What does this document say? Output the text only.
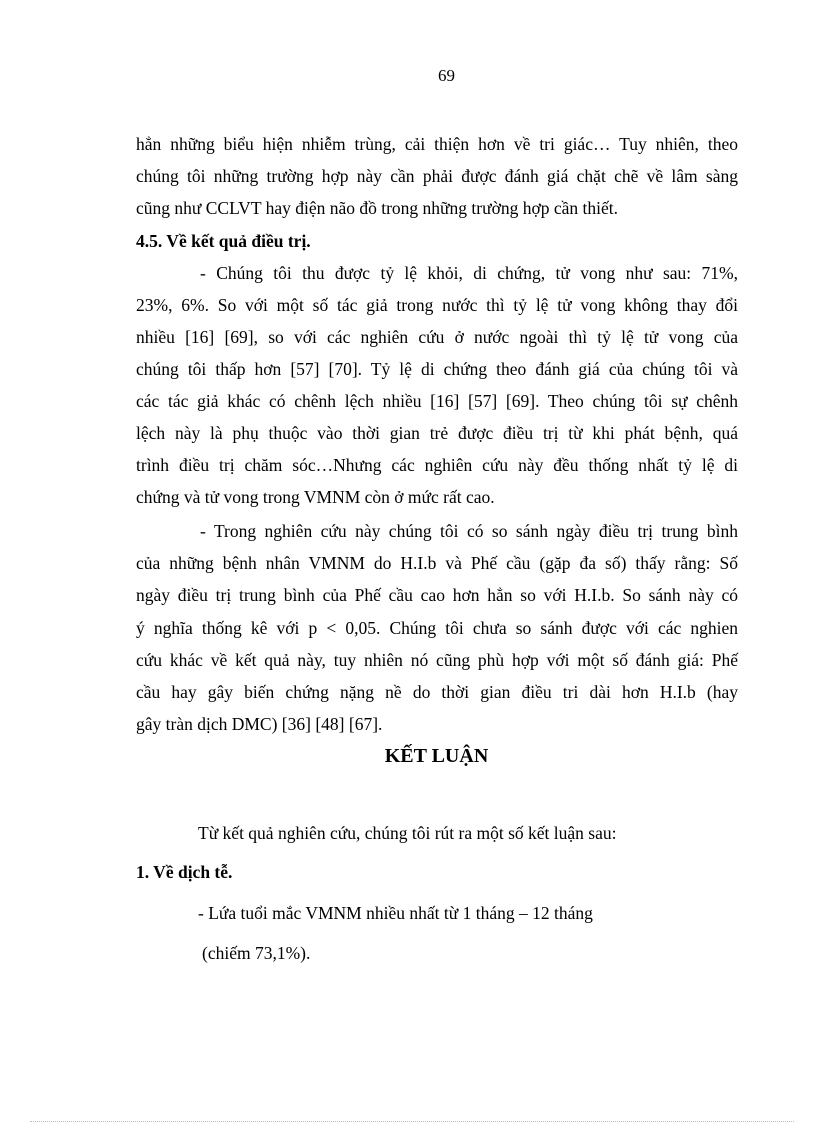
69
hẳn những biểu hiện nhiễm trùng, cải thiện hơn về tri giác… Tuy nhiên, theo
chúng tôi những trường hợp này cần phải được đánh giá chặt chẽ về lâm sàng
cũng như CCLVT hay điện não đồ trong những trường hợp cần thiết.
4.5. Về kết quả điều trị.
- Chúng tôi thu được tỷ lệ khỏi, di chứng, tử vong như sau: 71%,
23%, 6%. So với một số tác giả trong nước thì tỷ lệ tử vong không thay đổi
nhiều [16] [69], so với các nghiên cứu ở nước ngoài thì tỷ lệ tử vong của
chúng tôi thấp hơn [57] [70]. Tỷ lệ di chứng theo đánh giá của chúng tôi và
các tác giả khác có chênh lệch nhiều [16] [57] [69]. Theo chúng tôi sự chênh
lệch này là phụ thuộc vào thời gian trẻ được điều trị từ khi phát bệnh, quá
trình điều trị chăm sóc…Nhưng các nghiên cứu này đều thống nhất tỷ lệ di
chứng và tử vong trong VMNM còn ở mức rất cao.
- Trong nghiên cứu này chúng tôi có so sánh ngày điều trị trung bình
của những bệnh nhân VMNM do H.I.b và Phế cầu (gặp đa số) thấy rằng: Số
ngày điều trị trung bình của Phế cầu cao hơn hẳn so với H.I.b. So sánh này có
ý nghĩa thống kê với p < 0,05. Chúng tôi chưa so sánh được với các nghien
cứu khác về kết quả này, tuy nhiên nó cũng phù hợp với một số đánh giá: Phế
cầu hay gây biến chứng nặng nề do thời gian điều tri dài hơn H.I.b (hay
gây tràn dịch DMC) [36] [48] [67].
KẾT LUẬN
Từ kết quả nghiên cứu, chúng tôi rút ra một số kết luận sau:
1. Về dịch tễ.
- Lứa tuổi mắc VMNM nhiều nhất từ 1 tháng – 12 tháng
(chiếm 73,1%).
